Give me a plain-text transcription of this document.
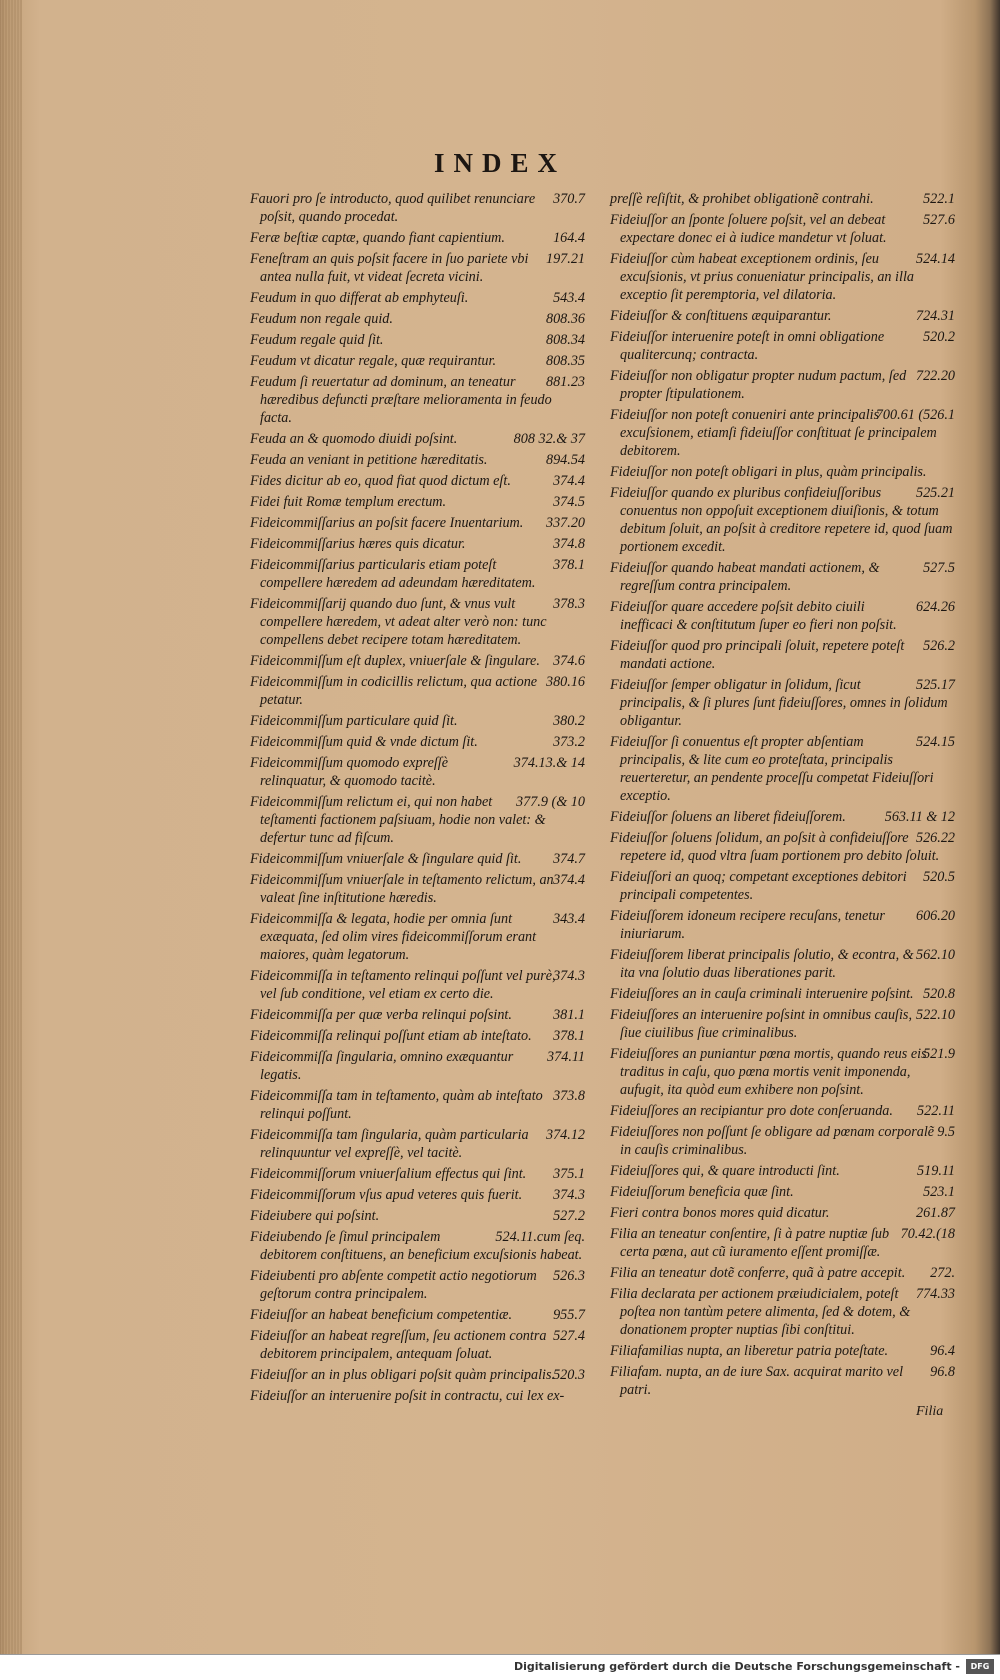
INDEX
370.7
Fauori pro ſe introducto, quod quilibet renunciare poſsit, quando procedat.
164.4
Feræ beſtiæ captæ, quando fiant capientium.
197.21
Feneſtram an quis poſsit facere in ſuo pariete vbi antea nulla fuit, vt videat ſecreta vicini.
543.4
Feudum in quo differat ab emphyteuſi.
808.36
Feudum non regale quid.
808.34
Feudum regale quid ſit.
808.35
Feudum vt dicatur regale, quæ requirantur.
881.23
Feudum ſi reuertatur ad dominum, an teneatur hæredibus defuncti præſtare melioramenta in feudo facta.
808 32.& 37
Feuda an & quomodo diuidi poſsint.
894.54
Feuda an veniant in petitione hæreditatis.
374.4
Fides dicitur ab eo, quod fiat quod dictum eſt.
374.5
Fidei fuit Romæ templum erectum.
337.20
Fideicommiſſarius an poſsit facere Inuentarium.
374.8
Fideicommiſſarius hæres quis dicatur.
378.1
Fideicommiſſarius particularis etiam poteſt compellere hæredem ad adeundam hæreditatem.
378.3
Fideicommiſſarij quando duo ſunt, & vnus vult compellere hæredem, vt adeat alter verò non: tunc compellens debet recipere totam hæreditatem.
374.6
Fideicommiſſum eſt duplex, vniuerſale & ſingulare.
380.16
Fideicommiſſum in codicillis relictum, qua actione petatur.
380.2
Fideicommiſſum particulare quid ſit.
373.2
Fideicommiſſum quid & vnde dictum ſit.
374.13.& 14
Fideicommiſſum quomodo expreſſè relinquatur, & quomodo tacitè.
377.9 (& 10
Fideicommiſſum relictum ei, qui non habet teſtamenti factionem paſsiuam, hodie non valet: & defertur tunc ad fiſcum.
374.7
Fideicommiſſum vniuerſale & ſingulare quid ſit.
374.4
Fideicommiſſum vniuerſale in teſtamento relictum, an valeat ſine inſtitutione hæredis.
343.4
Fideicommiſſa & legata, hodie per omnia ſunt exæquata, ſed olim vires fideicommiſſorum erant maiores, quàm legatorum.
374.3
Fideicommiſſa in teſtamento relinqui poſſunt vel purè, vel ſub conditione, vel etiam ex certo die.
381.1
Fideicommiſſa per quæ verba relinqui poſsint.
378.1
Fideicommiſſa relinqui poſſunt etiam ab inteſtato.
374.11
Fideicommiſſa ſingularia, omnino exæquantur legatis.
373.8
Fideicommiſſa tam in teſtamento, quàm ab inteſtato relinqui poſſunt.
374.12
Fideicommiſſa tam ſingularia, quàm particularia relinquuntur vel expreſſè, vel tacitè.
375.1
Fideicommiſſorum vniuerſalium effectus qui ſint.
374.3
Fideicommiſſorum vſus apud veteres quis fuerit.
527.2
Fideiubere qui poſsint.
524.11.cum ſeq.
Fideiubendo ſe ſimul principalem debitorem conſtituens, an beneficium excuſsionis habeat.
526.3
Fideiubenti pro abſente competit actio negotiorum geſtorum contra principalem.
955.7
Fideiuſſor an habeat beneficium competentiæ.
527.4
Fideiuſſor an habeat regreſſum, ſeu actionem contra debitorem principalem, antequam ſoluat.
520.3
Fideiuſſor an in plus obligari poſsit quàm principalis.
Fideiuſſor an interuenire poſsit in contractu, cui lex ex-
522.1
preſſè reſiſtit, & prohibet obligationẽ contrahi.
527.6
Fideiuſſor an ſponte ſoluere poſsit, vel an debeat expectare donec ei à iudice mandetur vt ſoluat.
524.14
Fideiuſſor cùm habeat exceptionem ordinis, ſeu excuſsionis, vt prius conueniatur principalis, an illa exceptio ſit peremptoria, vel dilatoria.
724.31
Fideiuſſor & conſtituens æquiparantur.
520.2
Fideiuſſor interuenire poteſt in omni obligatione qualitercunq; contracta.
722.20
Fideiuſſor non obligatur propter nudum pactum, ſed propter ſtipulationem.
700.61 (526.1
Fideiuſſor non poteſt conueniri ante principalis excuſsionem, etiamſi fideiuſſor conſtituat ſe principalem debitorem.
Fideiuſſor non poteſt obligari in plus, quàm principalis.
525.21
Fideiuſſor quando ex pluribus confideiuſſoribus conuentus non oppoſuit exceptionem diuiſionis, & totum debitum ſoluit, an poſsit à creditore repetere id, quod ſuam portionem excedit.
527.5
Fideiuſſor quando habeat mandati actionem, & regreſſum contra principalem.
624.26
Fideiuſſor quare accedere poſsit debito ciuili inefficaci & conſtitutum ſuper eo fieri non poſsit.
526.2
Fideiuſſor quod pro principali ſoluit, repetere poteſt mandati actione.
525.17
Fideiuſſor ſemper obligatur in ſolidum, ſicut principalis, & ſi plures ſunt fideiuſſores, omnes in ſolidum obligantur.
524.15
Fideiuſſor ſi conuentus eſt propter abſentiam principalis, & lite cum eo proteſtata, principalis reuerteretur, an pendente proceſſu competat Fideiuſſori exceptio.
563.11 & 12
Fideiuſſor ſoluens an liberet fideiuſſorem.
526.22
Fideiuſſor ſoluens ſolidum, an poſsit à confideiuſſore repetere id, quod vltra ſuam portionem pro debito ſoluit.
520.5
Fideiuſſori an quoq; competant exceptiones debitori principali competentes.
606.20
Fideiuſſorem idoneum recipere recuſans, tenetur iniuriarum.
562.10
Fideiuſſorem liberat principalis ſolutio, & econtra, & ita vna ſolutio duas liberationes parit.
520.8
Fideiuſſores an in cauſa criminali interuenire poſsint.
522.10
Fideiuſſores an interuenire poſsint in omnibus cauſis, ſiue ciuilibus ſiue criminalibus.
521.9
Fideiuſſores an puniantur pœna mortis, quando reus eis traditus in caſu, quo pœna mortis venit imponenda, aufugit, ita quòd eum exhibere non poſsint.
522.11
Fideiuſſores an recipiantur pro dote conſeruanda.
9.5
Fideiuſſores non poſſunt ſe obligare ad pœnam corporalẽ in cauſis criminalibus.
519.11
Fideiuſſores qui, & quare introducti ſint.
523.1
Fideiuſſorum beneficia quæ ſint.
261.87
Fieri contra bonos mores quid dicatur.
70.42.(18
Filia an teneatur conſentire, ſi à patre nuptiæ ſub certa pœna, aut cũ iuramento eſſent promiſſæ.
272.
Filia an teneatur dotẽ conferre, quã à patre accepit.
774.33
Filia declarata per actionem præiudicialem, poteſt poſtea non tantùm petere alimenta, ſed & dotem, & donationem propter nuptias ſibi conſtitui.
96.4
Filiafamilias nupta, an liberetur patria poteſtate.
96.8
Filiafam. nupta, an de iure Sax. acquirat marito vel patri.
Filia
Digitalisierung gefördert durch die Deutsche Forschungsgemeinschaft -	DFG
